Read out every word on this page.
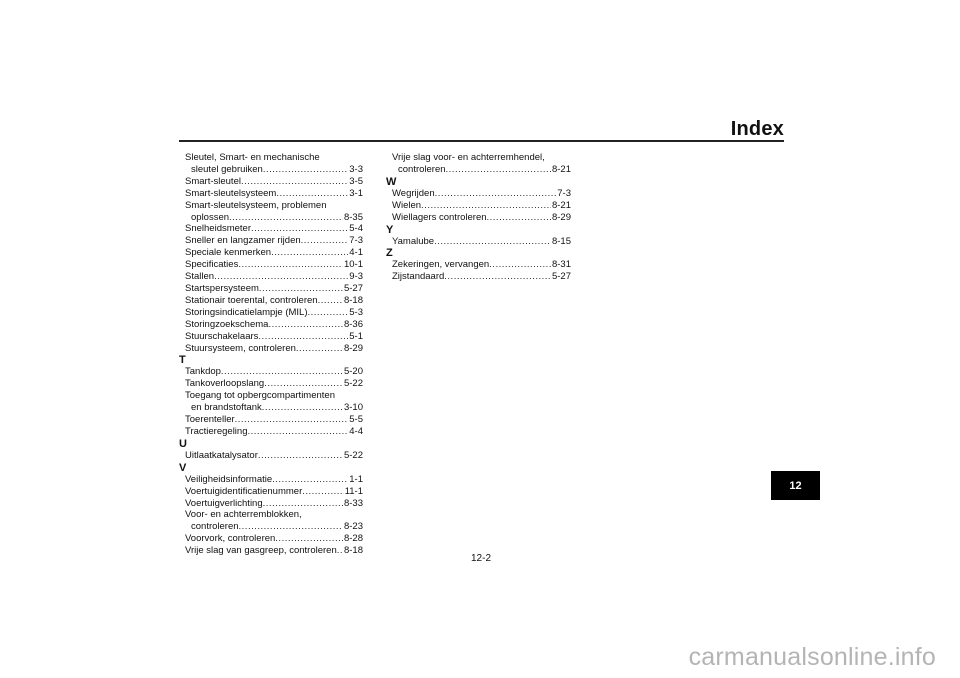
Index
Sleutel, Smart- en mechanische
sleutel gebruiken .....	3-3
Smart-sleutel .....	3-5
Smart-sleutelsysteem .....	3-1
Smart-sleutelsysteem, problemen
oplossen .....	8-35
Snelheidsmeter .....	5-4
Sneller en langzamer rijden .....	7-3
Speciale kenmerken .....	4-1
Specificaties .....	10-1
Stallen .....	9-3
Startspersysteem .....	5-27
Stationair toerental, controleren .....	8-18
Storingsindicatielampje (MIL) .....	5-3
Storingzoekschema .....	8-36
Stuurschakelaars .....	5-1
Stuursysteem, controleren .....	8-29
T
Tankdop .....	5-20
Tankoverloopslang .....	5-22
Toegang tot opbergcompartimenten
en brandstoftank .....	3-10
Toerenteller .....	5-5
Tractieregeling .....	4-4
U
Uitlaatkatalysator .....	5-22
V
Veiligheidsinformatie .....	1-1
Voertuigidentificatienummer .....	11-1
Voertuigverlichting .....	8-33
Voor- en achterremblokken,
controleren .....	8-23
Voorvork, controleren .....	8-28
Vrije slag van gasgreep, controleren ..... 8-18
Vrije slag voor- en achterremhendel,
controleren .....	8-21
W
Wegrijden .....	7-3
Wielen .....	8-21
Wiellagers controleren .....	8-29
Y
Yamalube .....	8-15
Z
Zekeringen, vervangen .....	8-31
Zijstandaard .....	5-27
12
12-2
carmanualsonline.info
